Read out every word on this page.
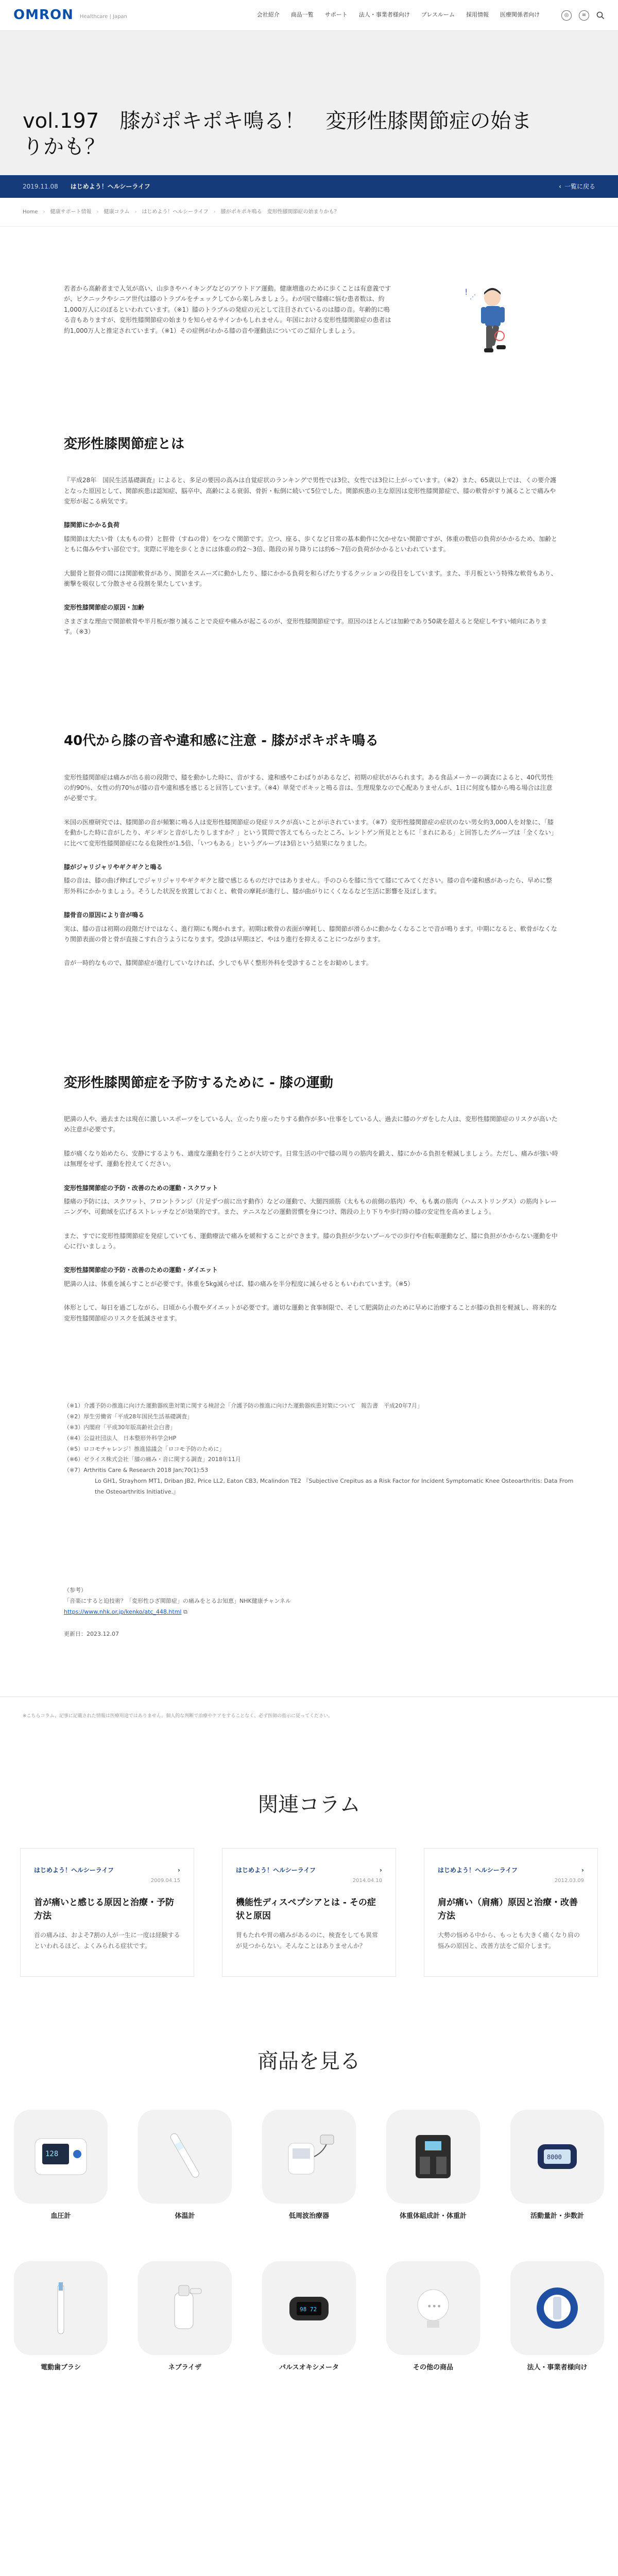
OMRON Healthcare | Japan	会社紹介 商品一覧 サポート 法人・事業者様向け プレスルーム 採用情報 医療関係者向け	◎	≡
vol.197　膝がポキポキ鳴る！　変形性膝関節症の始まりかも？
2019.11.08 はじめよう！ヘルシーライフ	‹ 一覧に戻る
Home › 健康サポート情報 › 健康コラム › はじめよう！ヘルシーライフ › 膝がポキポキ鳴る　 変形性膝関節症の始まりかも？

若者から高齢者まで人気が高い、山歩きやハイキングなどのアウトドア運動。健康増進のために歩くことは有意義ですが、ピクニックやシニア世代は膝のトラブルをチェックしてから楽しみましょう。わが国で膝痛に悩む患者数は、約1,000万人にのぼるといわれています。（※1）膝のトラブルの発症の元として注目されているのは膝の音。年齢的に鳴る音もありますが、変形性膝関節症の始まりを知らせるサインかもしれません。年国における変形性膝関節症の患者は約1,000万人と推定されています。（※1）その症例がわかる膝の音や運動法についてのご紹介しましょう。

! ⋰
変形性膝関節症とは

『平成28年　国民生活基礎調査』によると、多足の要因の高みは自覚症状のランキングで男性では3位、女性では3位に上がっています。（※2）また、65歳以上では、くの要介護となった原因として、関節疾患は認知症、脳卒中、高齢による衰弱、骨折・転倒に続いて5位でした。関節疾患の主な原因は変形性膝関節症で、膝の軟骨がすり減ることで痛みや変形が起こる病気です。

膝関節にかかる負荷

膝関節は大たい骨（太ももの骨）と脛骨（すねの骨）をつなぐ関節です。立つ、座る、歩くなど日常の基本動作に欠かせない関節ですが、体重の数倍の負荷がかかるため、加齢とともに傷みやすい部位です。実際に平地を歩くときには体重の約2〜3倍、階段の昇り降りには約6〜7倍の負荷がかかるといわれています。

大腿骨と脛骨の間には関節軟骨があり、関節をスムーズに動かしたり、膝にかかる負荷を和らげたりするクッションの役目をしています。また、半月板という特殊な軟骨もあり、衝撃を吸収して分散させる役割を果たしています。

変形性膝関節症の原因・加齢

さまざまな理由で関節軟骨や半月板が擦り減ることで炎症や痛みが起こるのが、変形性膝関節症です。原因のほとんどは加齢であり50歳を超えると発症しやすい傾向にあります。（※3）

40代から膝の音や違和感に注意 - 膝がポキポキ鳴る

変形性膝関節症は痛みが出る前の段階で、膝を動かした時に、音がする、違和感やこわばりがあるなど、初期の症状がみられます。ある食品メーカーの調査によると、40代男性の約90％、女性の約70％が膝の音や違和感を感じると回答しています。（※4）単発でポキッと鳴る音は、生理現象なので心配ありませんが、1日に何度も膝から鳴る場合は注意が必要です。

米国の医療研究では、膝関節の音が頻繁に鳴る人は変形性膝関節症の発症リスクが高いことが示されています。（※7）変形性膝関節症の症状のない男女約3,000人を対象に、「膝を動かした時に音がしたり、ギシギシと音がしたりしますか？」という質問で答えてもらったところ、レントゲン所見とともに「まれにある」と回答したグループは「全くない」に比べて変形性膝関節症になる危険性が1.5倍、「いつもある」というグループは3倍という結果になりました。

膝がジャリジャリやギクギクと鳴る

膝の音は、膝の曲げ伸ばしでジャリジャリやギクギクと膝で感じるものだけではありません。手のひらを膝に当てて膝にてみてください。膝の音や違和感があったら、早めに整形外科にかかりましょう。そうした状況を放置しておくと、軟骨の摩耗が進行し、膝が曲がりにくくなるなど生活に影響を及ぼします。

膝骨音の原因により音が鳴る

実は、膝の音は初期の段階だけではなく、進行期にも聞かれます。初期は軟骨の表面が摩耗し、膝関節が滑らかに動かなくなることで音が鳴ります。中期になると、軟骨がなくなり関節表面の骨と骨が直接こすれ合うようになります。受診は早期ほど、やはり進行を抑えることにつながります。

音が一時的なもので、膝関節症が進行していなければ、少しでも早く整形外科を受診することをお勧めします。

変形性膝関節症を予防するために - 膝の運動

肥満の人や、過去または現在に激しいスポーツをしている人、立ったり座ったりする動作が多い仕事をしている人、過去に膝のケガをした人は、変形性膝関節症のリスクが高いため注意が必要です。

膝が痛くなり始めたら、安静にするよりも、適度な運動を行うことが大切です。日常生活の中で膝の周りの筋肉を鍛え、膝にかかる負担を軽減しましょう。ただし、痛みが強い時は無理をせず、運動を控えてください。

変形性膝関節症の予防・改善のための運動・スクワット

膝痛の予防には、スクワット、フロントランジ（片足ずつ前に出す動作）などの運動で、大腿四頭筋（太ももの前側の筋肉）や、もも裏の筋肉（ハムストリングス）の筋肉トレーニングや、可動域を広げるストレッチなどが効果的です。また、テニスなどの運動習慣を身につけ、階段の上り下りや歩行時の膝の安定性を高めましょう。

また、すでに変形性膝関節症を発症していても、運動療法で痛みを緩和することができます。膝の負担が少ないプールでの歩行や自転車運動など、膝に負担がかからない運動を中心に行いましょう。

変形性膝関節症の予防・改善のための運動・ダイエット

肥満の人は、体重を減らすことが必要です。体重を5kg減らせば、膝の痛みを半分程度に減らせるともいわれています。（※5）

体形として、毎日を過ごしながら、日頃から小腹やダイエットが必要です。適切な運動と食事制限で、そして肥満防止のために早めに治療することが膝の負担を軽減し、将来的な変形性膝関節症のリスクを低減させます。

（※1）介護予防の推進に向けた運動器疾患対策に関する検討会「介護予防の推進に向けた運動器疾患対策について　報告書　平成20年7月」
（※2）厚生労働省「平成28年国民生活基礎調査」
（※3）内閣府「平成30年版高齢社会白書」
（※4）公益社団法人　日本整形外科学会HP
（※5）ロコモチャレンジ！推進協議会「ロコモ予防のために」
（※6）ゼライス株式会社「膝の痛み・音に関する調査」2018年11月
（※7）Arthritis Care & Research 2018 Jan;70(1):53
Lo GH1, Strayhorn MT1, Driban JB2, Price LL2, Eaton CB3, Mcalindon TE2 『Subjective Crepitus as a Risk Factor for Incident Symptomatic Knee Osteoarthritis: Data From the Osteoarthritis Initiative.』
（参考）
「音楽にすると迫技術？「変形性ひざ関節症」の痛みをとるお知恵」NHK健康チャンネル
https://www.nhk.or.jp/kenko/atc_448.html ⧉
更新日：2023.12.07

※こちらコラム、記事に記載された情報は医療用途ではありません。個人的な判断で治療やケアをすることなく、必ず医師の指示に従ってください。

関連コラム
はじめよう！ヘルシーライフ	›
2009.04.15
首が痛いと感じる原因と治療・予防方法
首の痛みは、およそ7割の人が一生に一度は経験するといわれるほど、よくみられる症状です。
はじめよう！ヘルシーライフ	›
2014.04.10
機能性ディスペプシアとは - その症状と原因
胃もたれや胃の痛みがあるのに、検査をしても異常が見つからない。そんなことはありませんか？
はじめよう！ヘルシーライフ	›
2012.03.09
肩が痛い（肩痛）原因と治療・改善方法
大勢の悩める中から、もっとも大きく痛くなり肩の悩みの原因と、改善方法をご紹介します。
商品を見る
128
血圧計	体温計	低周波治療器	体重体組成計・体重計
8000
活動量計・歩数計
電動歯ブラシ	ネブライザ
98 72
パルスオキシメータ
•••
その他の商品	法人・事業者様向け
